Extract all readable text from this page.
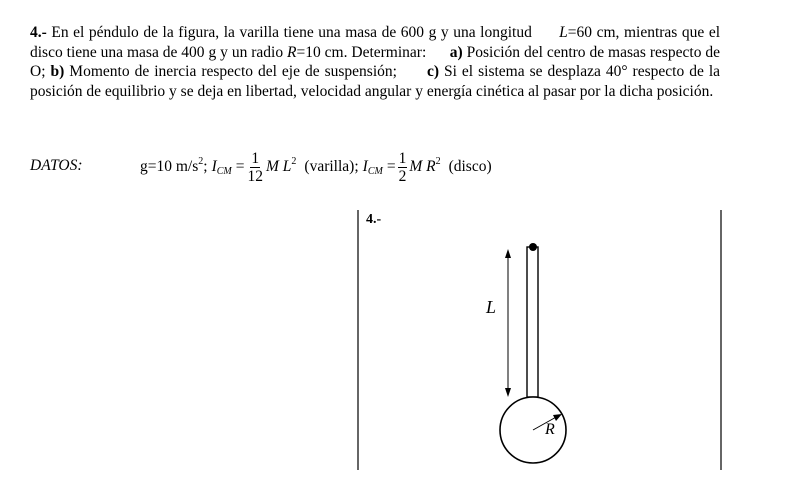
4.- En el péndulo de la figura, la varilla tiene una masa de 600 g y una longitud L=60 cm, mientras que el disco tiene una masa de 400 g y un radio R=10 cm. Determinar: a) Posición del centro de masas respecto de O; b) Momento de inercia respecto del eje de suspensión; c) Si el sistema se desplaza 40° respecto de la posición de equilibrio y se deja en libertad, velocidad angular y energía cinética al pasar por la dicha posición.
DATOS:	g=10 m/s 2 ; I CM = $\frac{1}{12}$ M L 2 (varilla); I CM = $\frac{1}{2}$ M R 2 (disco)
4.-
L
R
